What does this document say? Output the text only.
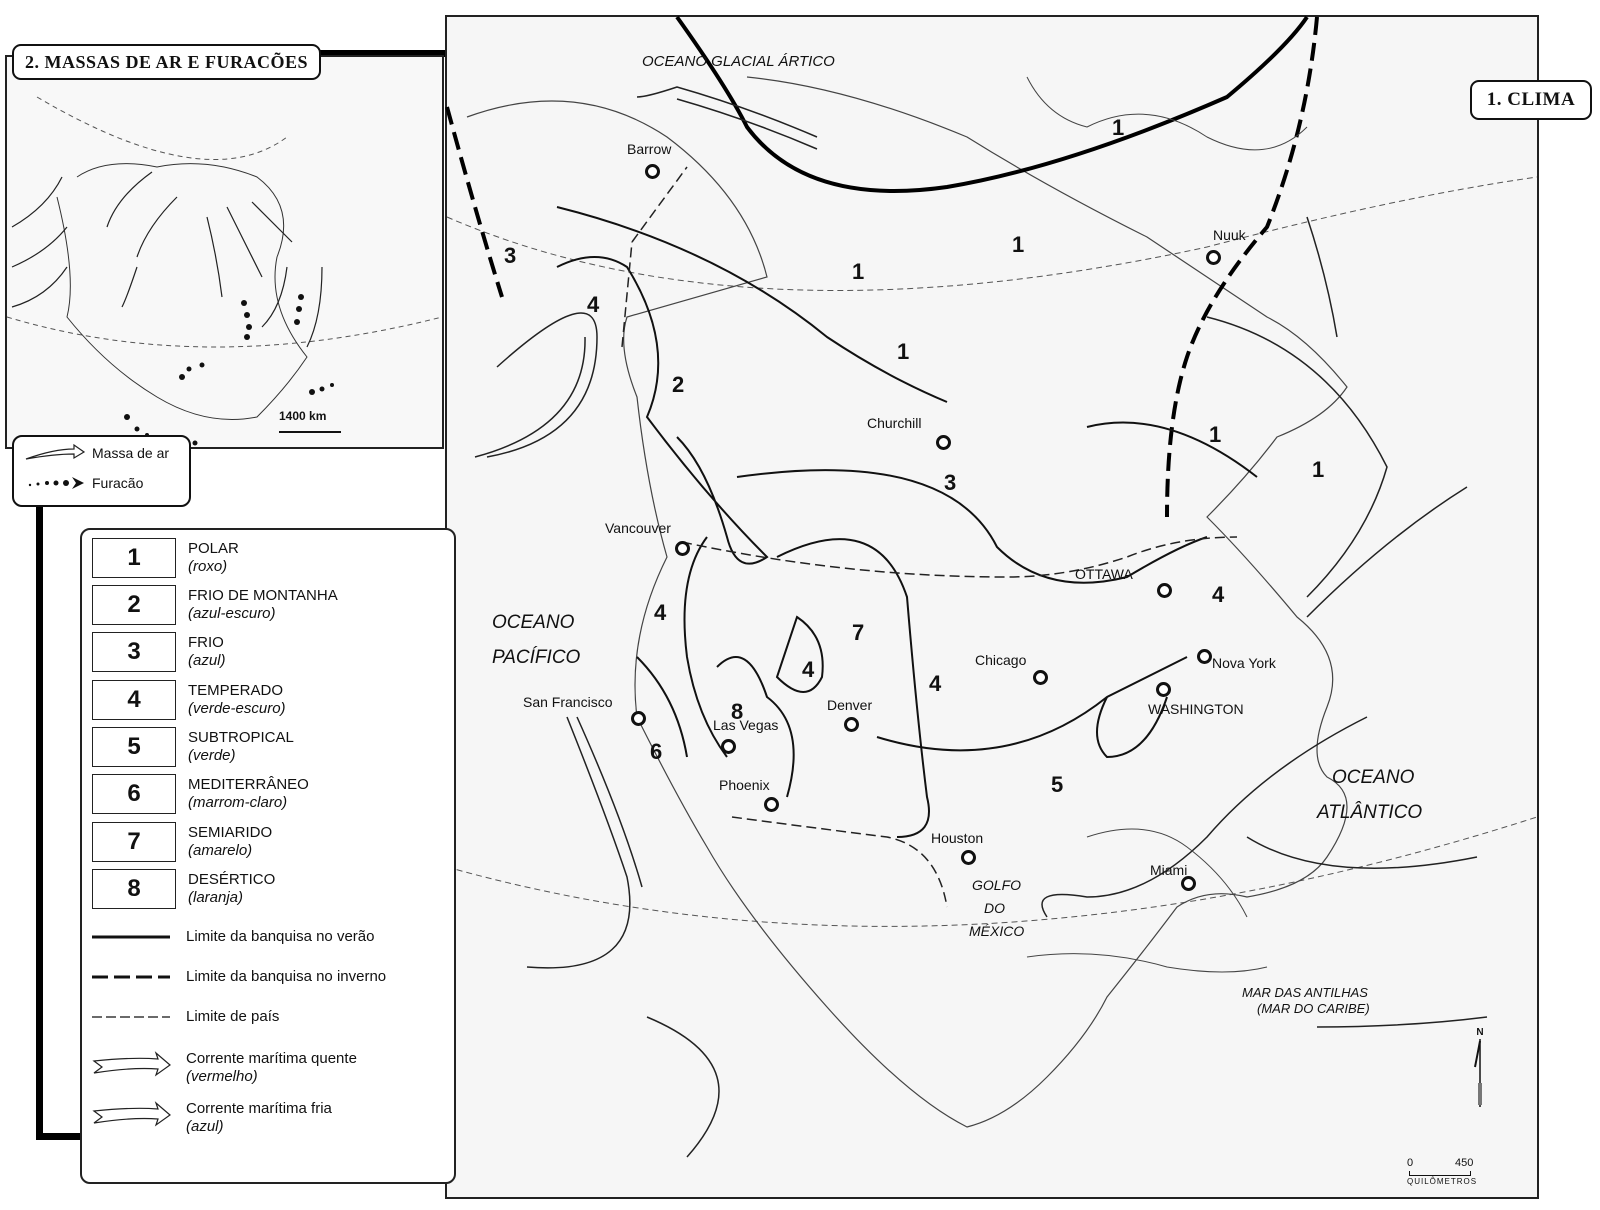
OCEANO GLACIAL ÁRTICO
OCEANO
PACÍFICO
OCEANO
ATLÂNTICO
GOLFO
DO
MÉXICO
MAR DAS ANTILHAS
(MAR DO CARIBE)
Barrow
Nuuk
Churchill
Vancouver
OTTAWA
Chicago	Nova York
WASHINGTON
San Francisco
Las Vegas
Denver
Phoenix
Houston
Miami
1
1
1
1
1
1
3
4
2
3
4
4
7
4
8
4
6
5
N
0	450
QUILÔMETROS
1. CLIMA
1400 km
2. MASSAS DE AR E FURACÕES
Massa de ar
Furacão
1	POLAR
(roxo)
2	FRIO DE MONTANHA
(azul-escuro)
3	FRIO
(azul)
4	TEMPERADO
(verde-escuro)
5	SUBTROPICAL
(verde)
6	MEDITERRÂNEO
(marrom-claro)
7	SEMIARIDO
(amarelo)
8	DESÉRTICO
(laranja)
Limite da banquisa no verão
Limite da banquisa no inverno
Limite de país
Corrente marítima quente
(vermelho)
Corrente marítima fria
(azul)
